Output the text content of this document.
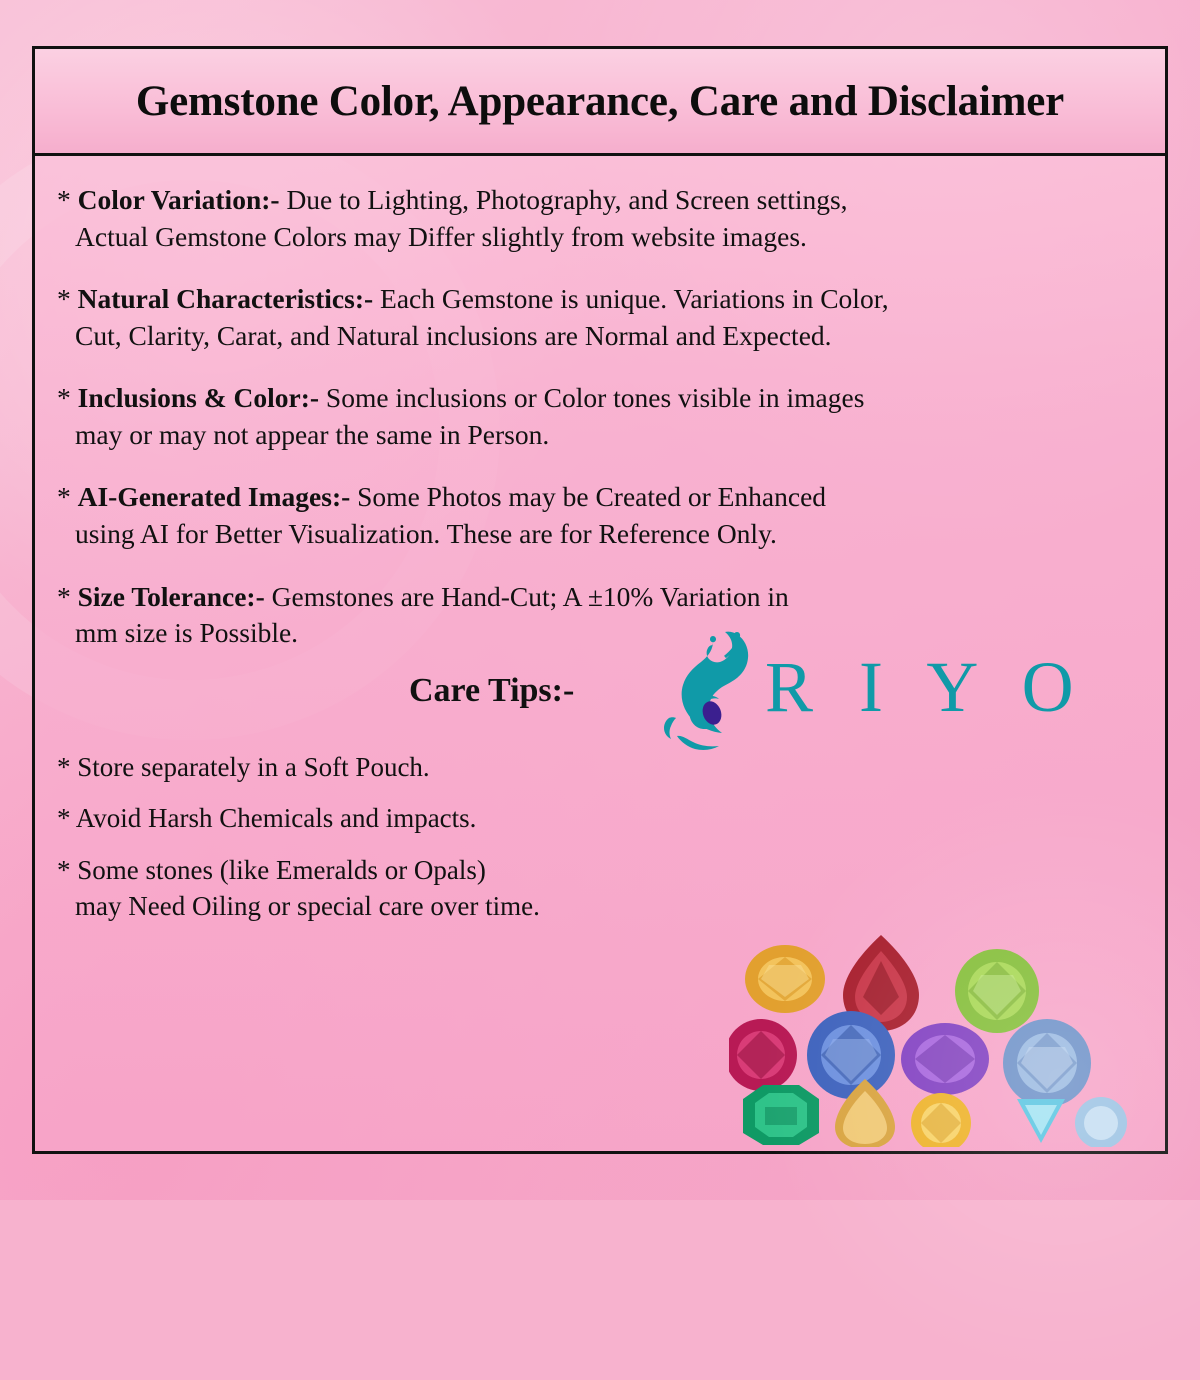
Gemstone Color, Appearance, Care and Disclaimer
* Color Variation:- Due to Lighting, Photography, and Screen settings,
Actual Gemstone Colors may Differ slightly from website images.
* Natural Characteristics:- Each Gemstone is unique. Variations in Color,
Cut, Clarity, Carat, and Natural inclusions are Normal and Expected.
* Inclusions & Color:- Some inclusions or Color tones visible in images
may or may not appear the same in Person.
* AI-Generated Images:- Some Photos may be Created or Enhanced
using AI for Better Visualization. These are for Reference Only.
* Size Tolerance:- Gemstones are Hand-Cut; A ±10% Variation in
mm size is Possible.
Care Tips:-	R I Y O
* Store separately in a Soft Pouch.
* Avoid Harsh Chemicals and impacts.
* Some stones (like Emeralds or Opals)
may Need Oiling or special care over time.
